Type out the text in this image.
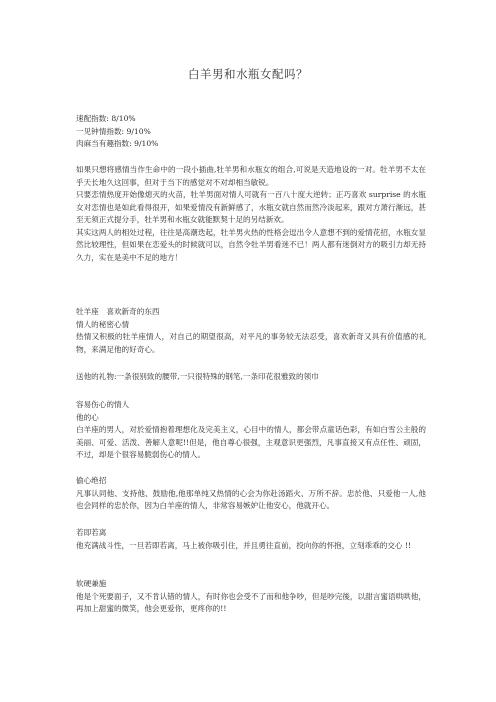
白羊男和水瓶女配吗？
速配指数: 8/10%
一见钟情指数: 9/10%
肉麻当有趣指数: 9/10%
如果只想将感情当作生命中的一段小插曲,牡羊男和水瓶女的组合,可说是天造地设的一对。牡羊男不太在乎天长地久这回事，但对于当下的感觉对不对却相当敏锐。
只要恋情热度开始像熄灭的火苗，牡羊男面对情人可就有一百八十度大逆转；正巧喜欢 surprise 的水瓶女对恋情也是如此看得很开，如果爱情没有新鲜感了，水瓶女就自然而然冷淡起来，跟对方萧行渐远，甚至无须正式提分手，牡羊男和水瓶女就能默契十足的另结新欢。
其实这两人的相处过程，往往是高潮迭起，牡羊男火热的性格会逗出令人意想不到的爱情花招，水瓶女显然比较理性，但如果在恋爱头的时候就可以，自然令牡羊男看迷不已！两人都有迷倒对方的吸引力却无持久力，实在是美中不足的地方！
牡羊座　喜欢新奇的东西
情人的秘密心情
热情又积极的牡羊座情人，对自己的期望很高，对平凡的事务较无法忍受，喜欢新奇又具有价值感的礼物，来满足他的好奇心。
送他的礼物:一条很别致的腰带,一只很特殊的钢笔,一条印花很雅致的领巾
容易伤心的情人
他的心
白羊座的男人，对於爱情抱着理想化及完美主义，心目中的情人，都会带点童话色彩，有如白雪公主般的美丽、可爱、活泼、善解人意呢!!但是，他自尊心很强，主观意识更强烈，凡事直接又有点任性、顽固，不过，却是个很容易脆弱伤心的情人。
偷心绝招
凡事认同他、支持他、鼓励他,他那单纯又热情的心会为你赴汤蹈火、万所不辞。忠於他、只爱他一人,他也会同样的忠於你，因为白羊座的情人，非常容易嫉妒让他安心，他就开心。
若即若离
他充满战斗性，一旦若即若离，马上被你吸引住，并且勇往直前，投向你的怀抱，立刻乖乖的交心 !!
软硬兼施
他是个死要面子，又不肯认错的情人，有时你也会受不了而和他争吵，但是吵完後，以甜言蜜语哄哄他，再加上甜蜜的微笑，他会更爱你，更疼你的!!
